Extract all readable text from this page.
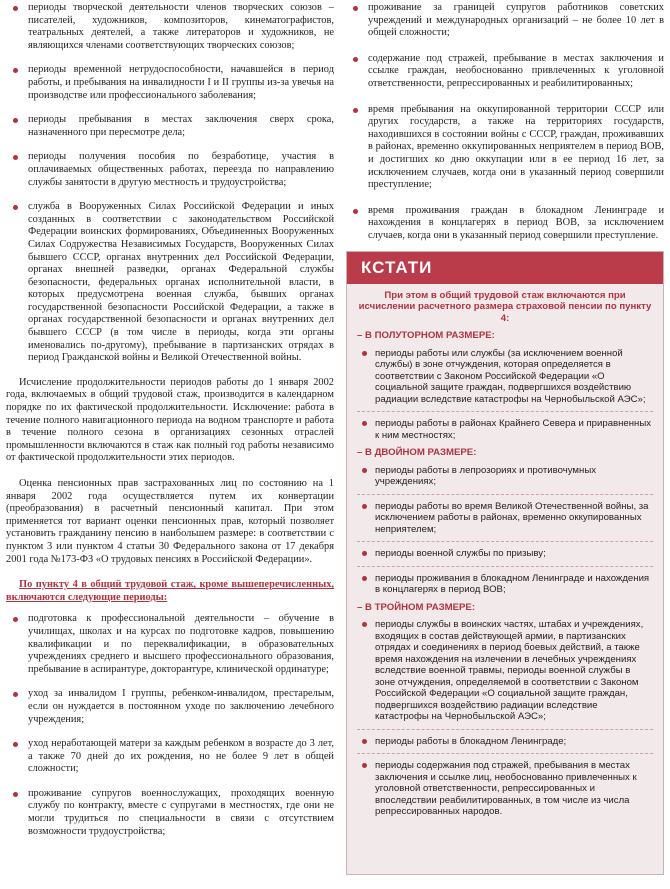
периоды творческой деятельности членов творческих союзов – писателей, художников, композиторов, кинематографистов, театральных деятелей, а также литераторов и художников, не являющихся членами соответствующих творческих союзов;
периоды временной нетрудоспособности, начавшейся в период работы, и пребывания на инвалидности I и II группы из-за увечья на производстве или профессионального заболевания;
периоды пребывания в местах заключения сверх срока, назначенного при пересмотре дела;
периоды получения пособия по безработице, участия в оплачиваемых общественных работах, переезда по направлению службы занятости в другую местность и трудоустройства;
служба в Вооруженных Силах Российской Федерации и иных созданных в соответствии с законодательством Российской Федерации воинских формированиях, Объединенных Вооруженных Силах Содружества Независимых Государств, Вооруженных Силах бывшего СССР, органах внутренних дел Российской Федерации, органах внешней разведки, органах Федеральной службы безопасности, федеральных органах исполнительной власти, в которых предусмотрена военная служба, бывших органах государственной безопасности Российской Федерации, а также в органах государственной безопасности и органах внутренних дел бывшего СССР (в том числе в периоды, когда эти органы именовались по-другому), пребывание в партизанских отрядах в период Гражданской войны и Великой Отечественной войны.

Исчисление продолжительности периодов работы до 1 января 2002 года, включаемых в общий трудовой стаж, производится в календарном порядке по их фактической продолжительности. Исключение: работа в течение полного навигационного периода на водном транспорте и работа в течение полного сезона в организациях сезонных отраслей промышленности включаются в стаж как полный год работы независимо от фактической продолжительности этих периодов.

Оценка пенсионных прав застрахованных лиц по состоянию на 1 января 2002 года осуществляется путем их конвертации (преобразования) в расчетный пенсионный капитал. При этом применяется тот вариант оценки пенсионных прав, который позволяет установить гражданину пенсию в наибольшем размере: в соответствии с пунктом 3 или пунктом 4 статьи 30 Федерального закона от 17 декабря 2001 года №173-ФЗ «О трудовых пенсиях в Российской Федерации».

По пункту 4 в общий трудовой стаж, кроме вышеперечисленных, включаются следующие периоды:

подготовка к профессиональной деятельности – обучение в училищах, школах и на курсах по подготовке кадров, повышению квалификации и по переквалификации, в образовательных учреждениях среднего и высшего профессионального образования, пребывание в аспирантуре, докторантуре, клинической ординатуре;
уход за инвалидом I группы, ребенком-инвалидом, престарелым, если он нуждается в постоянном уходе по заключению лечебного учреждения;
уход неработающей матери за каждым ребенком в возрасте до 3 лет, а также 70 дней до их рождения, но не более 9 лет в общей сложности;
проживание супругов военнослужащих, проходящих военную службу по контракту, вместе с супругами в местностях, где они не могли трудиться по специальности в связи с отсутствием возможности трудоустройства;
проживание за границей супругов работников советских учреждений и международных организаций – не более 10 лет в общей сложности;
содержание под стражей, пребывание в местах заключения и ссылке граждан, необоснованно привлеченных к уголовной ответственности, репрессированных и реабилитированных;
время пребывания на оккупированной территории СССР или других государств, а также на территориях государств, находившихся в состоянии войны с СССР, граждан, проживавших в районах, временно оккупированных неприятелем в период ВОВ, и достигших ко дню оккупации или в ее период 16 лет, за исключением случаев, когда они в указанный период совершили преступление;
время проживания граждан в блокадном Ленинграде и нахождения в концлагерях в период ВОВ, за исключением случаев, когда они в указанный период совершили преступление.
КСТАТИ

При этом в общий трудовой стаж включаются при исчислении расчетного размера страховой пенсии по пункту 4:

– В ПОЛУТОРНОМ РАЗМЕРЕ:

периоды работы или службы (за исключением военной службы) в зоне отчуждения, которая определяется в соответствии с Законом Российской Федерации «О социальной защите граждан, подвергшихся воздействию радиации вследствие катастрофы на Чернобыльской АЭС»;
периоды работы в районах Крайнего Севера и приравненных к ним местностях;

– В ДВОЙНОМ РАЗМЕРЕ:

периоды работы в лепрозориях и противочумных учреждениях;
периоды работы во время Великой Отечественной войны, за исключением работы в районах, временно оккупированных неприятелем;
периоды военной службы по призыву;
периоды проживания в блокадном Ленинграде и нахождения в концлагерях в период ВОВ;

– В ТРОЙНОМ РАЗМЕРЕ:

периоды службы в воинских частях, штабах и учреждениях, входящих в состав действующей армии, в партизанских отрядах и соединениях в период боевых действий, а также время нахождения на излечении в лечебных учреждениях вследствие военной травмы, периоды военной службы в зоне отчуждения, определяемой в соответствии с Законом Российской Федерации «О социальной защите граждан, подвергшихся воздействию радиации вследствие катастрофы на Чернобыльской АЭС»;
периоды работы в блокадном Ленинграде;
периоды содержания под стражей, пребывания в местах заключения и ссылке лиц, необоснованно привлеченных к уголовной ответственности, репрессированных и впоследствии реабилитированных, в том числе из числа репрессированных народов.
